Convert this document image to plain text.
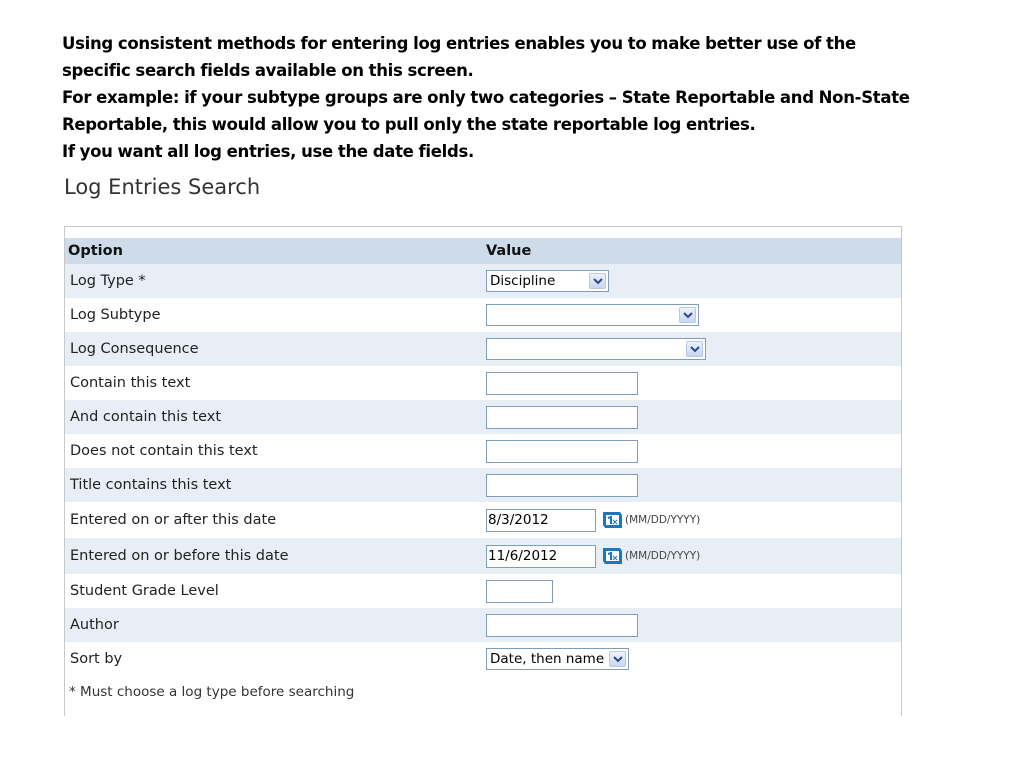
Using consistent methods for entering log entries enables you to make better use of the
specific search fields available on this screen.
For example: if your subtype groups are only two categories – State Reportable and Non-State
Reportable, this would allow you to pull only the state reportable log entries.
If you want all log entries, use the date fields.
Log Entries Search
Option	Value
Log Type *	Discipline
Log Subtype
Log Consequence
Contain this text
And contain this text
Does not contain this text
Title contains this text
Entered on or after this date	8/3/2012	(MM/DD/YYYY)
Entered on or before this date	11/6/2012	(MM/DD/YYYY)
Student Grade Level
Author
Sort by	Date, then name
* Must choose a log type before searching
